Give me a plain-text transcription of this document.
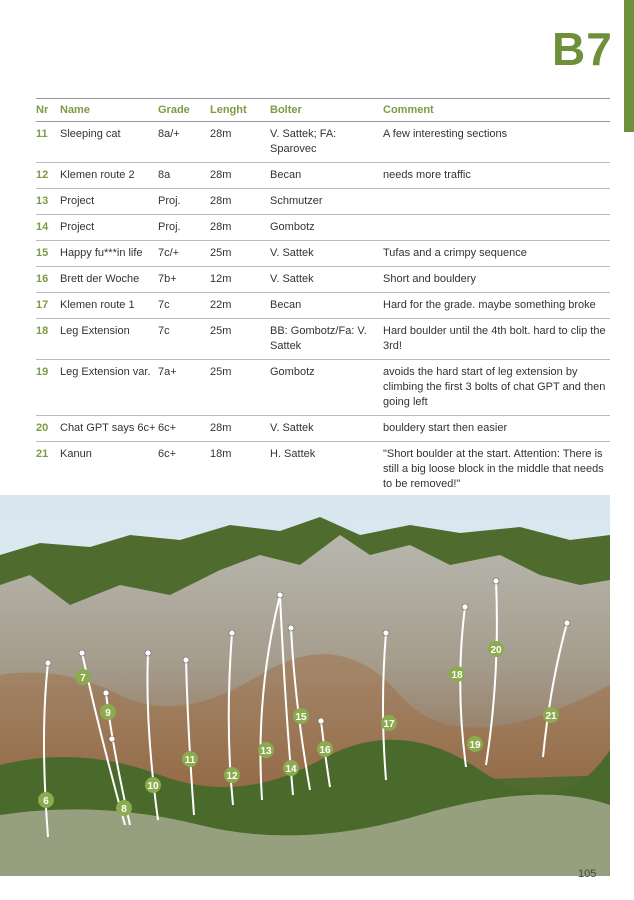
B7
Nr	Name	Grade	Lenght	Bolter	Comment
11	Sleeping cat	8a/+	28m	V. Sattek; FA: Sparovec	A few interesting sections
12	Klemen route 2	8a	28m	Becan	needs more traffic
13	Project	Proj.	28m	Schmutzer	
14	Project	Proj.	28m	Gombotz	
15	Happy fu***in life	7c/+	25m	V. Sattek	Tufas and a crimpy sequence
16	Brett der Woche	7b+	12m	V. Sattek	Short and bouldery
17	Klemen route 1	7c	22m	Becan	Hard for the grade. maybe something broke
18	Leg Extension	7c	25m	BB: Gombotz/Fa: V. Sattek	Hard boulder until the 4th bolt. hard to clip the 3rd!
19	Leg Extension var.	7a+	25m	Gombotz	avoids the hard start of leg extension by climbing the first 3 bolts of chat GPT and then going left
20	Chat GPT says 6c+	6c+	28m	V. Sattek	bouldery start then easier
21	Kanun	6c+	18m	H. Sattek	"Short boulder at the start. Attention: There is still a big loose block in the middle that needs to be removed!"
6
7
8
9
10
11
12
13
14
15
16
17
18
19
20
21
105
